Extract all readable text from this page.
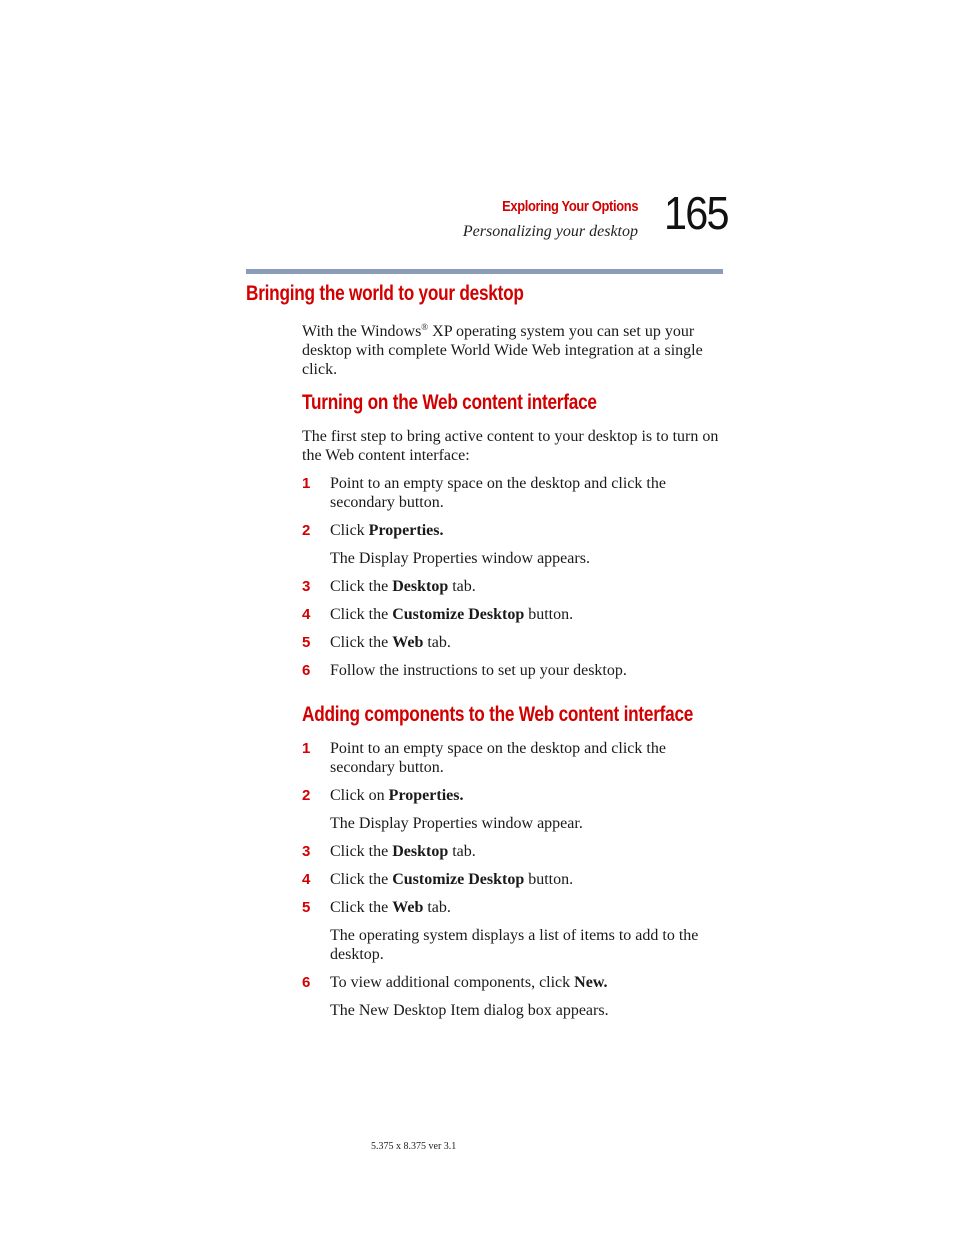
Exploring Your Options
Personalizing your desktop 165
Bringing the world to your desktop
With the Windows® XP operating system you can set up your desktop with complete World Wide Web integration at a single click.
Turning on the Web content interface
The first step to bring active content to your desktop is to turn on the Web content interface:
1 Point to an empty space on the desktop and click the secondary button.
2 Click Properties.
The Display Properties window appears.
3 Click the Desktop tab.
4 Click the Customize Desktop button.
5 Click the Web tab.
6 Follow the instructions to set up your desktop.
Adding components to the Web content interface
1 Point to an empty space on the desktop and click the secondary button.
2 Click on Properties.
The Display Properties window appear.
3 Click the Desktop tab.
4 Click the Customize Desktop button.
5 Click the Web tab.
The operating system displays a list of items to add to the desktop.
6 To view additional components, click New.
The New Desktop Item dialog box appears.
5.375 x 8.375 ver 3.1
